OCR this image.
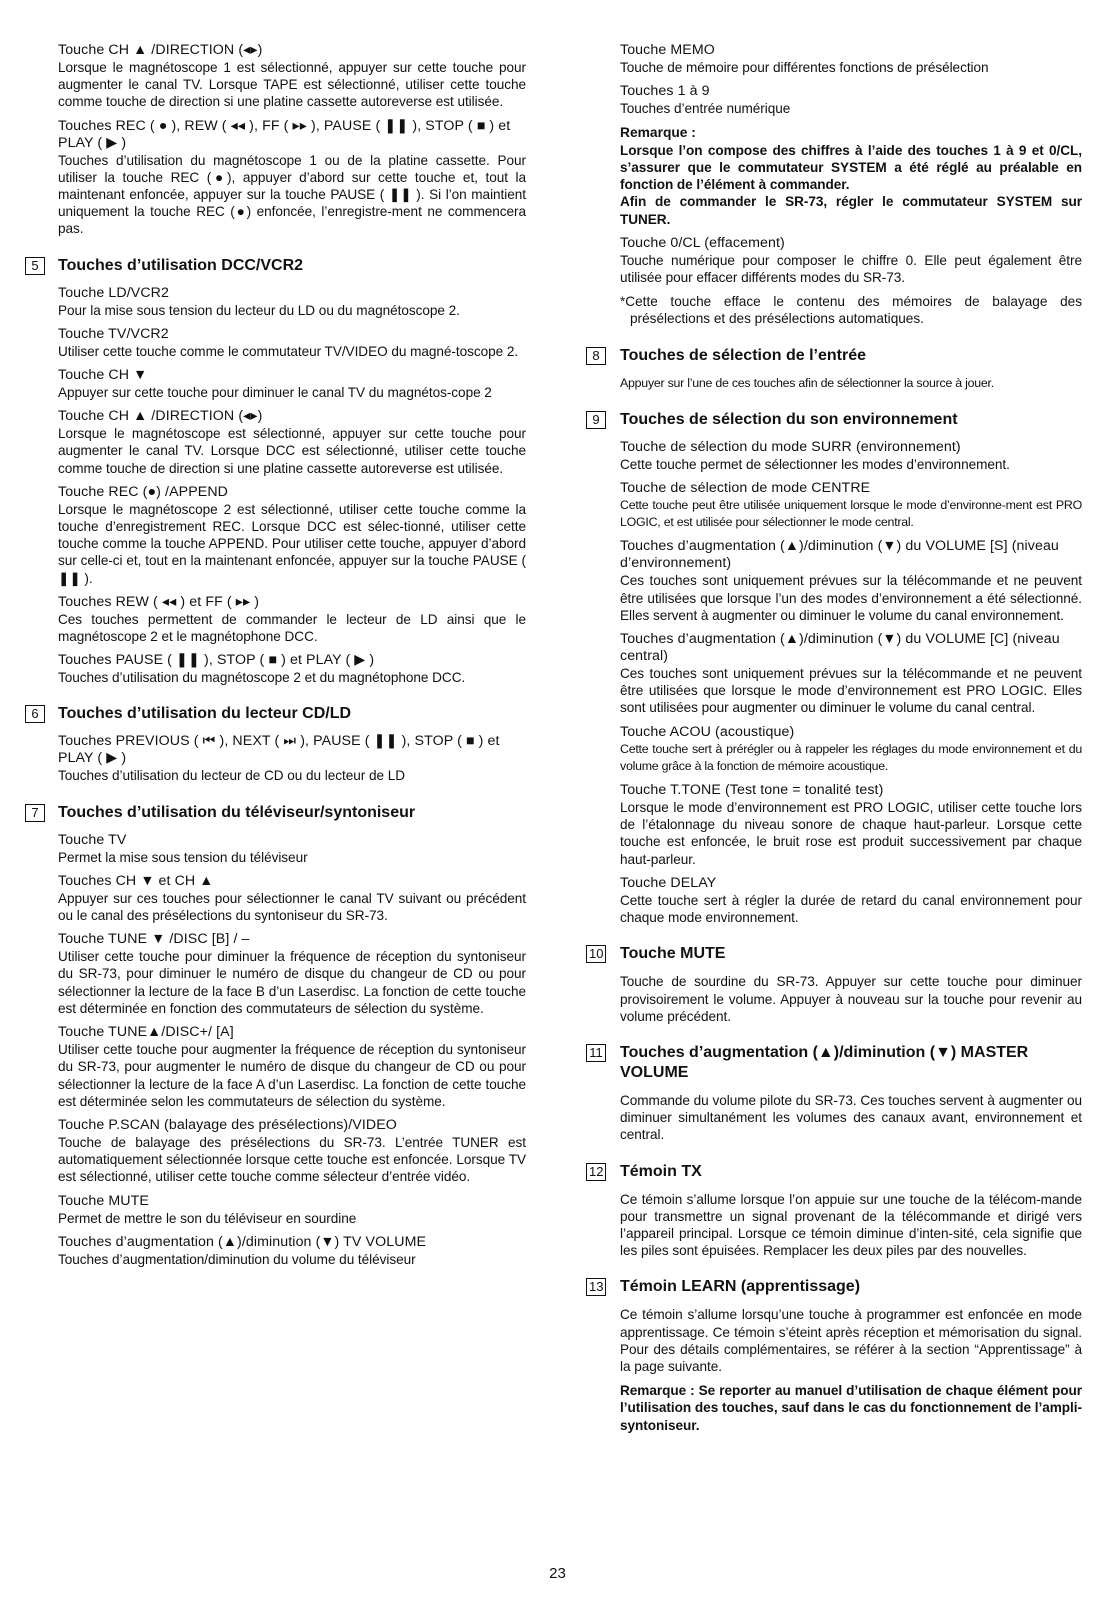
Touche CH ▲ /DIRECTION (◂▸)
Lorsque le magnétoscope 1 est sélectionné, appuyer sur cette touche pour augmenter le canal TV. Lorsque TAPE est sélectionné, utiliser cette touche comme touche de direction si une platine cassette autoreverse est utilisée.
Touches REC ( ● ), REW ( ◂◂ ), FF ( ▸▸ ), PAUSE ( ❚❚ ), STOP ( ■ ) et PLAY ( ▶ )
Touches d’utilisation du magnétoscope 1 ou de la platine cassette. Pour utiliser la touche REC (●), appuyer d’abord sur cette touche et, tout la maintenant enfoncée, appuyer sur la touche PAUSE ( ❚❚ ). Si l’on maintient uniquement la touche REC (●) enfoncée, l’enregistre-ment ne commencera pas.
5	Touches d’utilisation DCC/VCR2
Touche LD/VCR2
Pour la mise sous tension du lecteur du LD ou du magnétoscope 2.
Touche TV/VCR2
Utiliser cette touche comme le commutateur TV/VIDEO du magné-toscope 2.
Touche CH ▼
Appuyer sur cette touche pour diminuer le canal TV du magnétos-cope 2
Touche CH ▲ /DIRECTION (◂▸)
Lorsque le magnétoscope est sélectionné, appuyer sur cette touche pour augmenter le canal TV. Lorsque DCC est sélectionné, utiliser cette touche comme touche de direction si une platine cassette autoreverse est utilisée.
Touche REC (●) /APPEND
Lorsque le magnétoscope 2 est sélectionné, utiliser cette touche comme la touche d’enregistrement REC. Lorsque DCC est sélec-tionné, utiliser cette touche comme la touche APPEND. Pour utiliser cette touche, appuyer d’abord sur celle-ci et, tout en la maintenant enfoncée, appuyer sur la touche PAUSE ( ❚❚ ).
Touches REW ( ◂◂ ) et FF ( ▸▸ )
Ces touches permettent de commander le lecteur de LD ainsi que le magnétoscope 2 et le magnétophone DCC.
Touches PAUSE ( ❚❚ ), STOP ( ■ ) et PLAY ( ▶ )
Touches d’utilisation du magnétoscope 2 et du magnétophone DCC.
6	Touches d’utilisation du lecteur CD/LD
Touches PREVIOUS ( ⏮ ), NEXT ( ⏭ ), PAUSE ( ❚❚ ), STOP ( ■ ) et PLAY ( ▶ )
Touches d’utilisation du lecteur de CD ou du lecteur de LD
7	Touches d’utilisation du téléviseur/syntoniseur
Touche TV
Permet la mise sous tension du téléviseur
Touches CH ▼ et CH ▲
Appuyer sur ces touches pour sélectionner le canal TV suivant ou précédent ou le canal des présélections du syntoniseur du SR-73.
Touche TUNE ▼ /DISC [B] / –
Utiliser cette touche pour diminuer la fréquence de réception du syntoniseur du SR-73, pour diminuer le numéro de disque du changeur de CD ou pour sélectionner la lecture de la face B d’un Laserdisc. La fonction de cette touche est déterminée en fonction des commutateurs de sélection du système.
Touche TUNE▲/DISC+/ [A]
Utiliser cette touche pour augmenter la fréquence de réception du syntoniseur du SR-73, pour augmenter le numéro de disque du changeur de CD ou pour sélectionner la lecture de la face A d’un Laserdisc. La fonction de cette touche est déterminée selon les commutateurs de sélection du système.
Touche P.SCAN (balayage des présélections)/VIDEO
Touche de balayage des présélections du SR-73. L’entrée TUNER est automatiquement sélectionnée lorsque cette touche est enfoncée. Lorsque TV est sélectionné, utiliser cette touche comme sélecteur d’entrée vidéo.
Touche MUTE
Permet de mettre le son du téléviseur en sourdine
Touches d’augmentation (▲)/diminution (▼) TV VOLUME
Touches d’augmentation/diminution du volume du téléviseur
Touche MEMO
Touche de mémoire pour différentes fonctions de présélection
Touches 1 à 9
Touches d’entrée numérique
Remarque :
Lorsque l’on compose des chiffres à l’aide des touches 1 à 9 et 0/CL, s’assurer que le commutateur SYSTEM a été réglé au préalable en fonction de l’élément à commander.
Afin de commander le SR-73, régler le commutateur SYSTEM sur TUNER.
Touche 0/CL (effacement)
Touche numérique pour composer le chiffre 0. Elle peut également être utilisée pour effacer différents modes du SR-73.
*Cette touche efface le contenu des mémoires de balayage des présélections et des présélections automatiques.
8	Touches de sélection de l’entrée
Appuyer sur l’une de ces touches afin de sélectionner la source à jouer.
9	Touches de sélection du son environnement
Touche de sélection du mode SURR (environnement)
Cette touche permet de sélectionner les modes d’environnement.
Touche de sélection de mode CENTRE
Cette touche peut être utilisée uniquement lorsque le mode d’environne-ment est PRO LOGIC, et est utilisée pour sélectionner le mode central.
Touches d’augmentation (▲)/diminution (▼) du VOLUME [S] (niveau d’environnement)
Ces touches sont uniquement prévues sur la télécommande et ne peuvent être utilisées que lorsque l’un des modes d’environnement a été sélectionné. Elles servent à augmenter ou diminuer le volume du canal environnement.
Touches d’augmentation (▲)/diminution (▼) du VOLUME [C] (niveau central)
Ces touches sont uniquement prévues sur la télécommande et ne peuvent être utilisées que lorsque le mode d’environnement est PRO LOGIC. Elles sont utilisées pour augmenter ou diminuer le volume du canal central.
Touche ACOU (acoustique)
Cette touche sert à prérégler ou à rappeler les réglages du mode environnement et du volume grâce à la fonction de mémoire acoustique.
Touche T.TONE (Test tone = tonalité test)
Lorsque le mode d’environnement est PRO LOGIC, utiliser cette touche lors de l’étalonnage du niveau sonore de chaque haut-parleur. Lorsque cette touche est enfoncée, le bruit rose est produit successivement par chaque haut-parleur.
Touche DELAY
Cette touche sert à régler la durée de retard du canal environnement pour chaque mode environnement.
10 Touche MUTE
Touche de sourdine du SR-73. Appuyer sur cette touche pour diminuer provisoirement le volume. Appuyer à nouveau sur la touche pour revenir au volume précédent.
11 Touches d’augmentation (▲)/diminution (▼) MASTER VOLUME
Commande du volume pilote du SR-73. Ces touches servent à augmenter ou diminuer simultanément les volumes des canaux avant, environnement et central.
12 Témoin TX
Ce témoin s’allume lorsque l’on appuie sur une touche de la télécom-mande pour transmettre un signal provenant de la télécommande et dirigé vers l’appareil principal. Lorsque ce témoin diminue d’inten-sité, cela signifie que les piles sont épuisées. Remplacer les deux piles par des nouvelles.
13 Témoin LEARN (apprentissage)
Ce témoin s’allume lorsqu’une touche à programmer est enfoncée en mode apprentissage. Ce témoin s’éteint après réception et mémorisation du signal. Pour des détails complémentaires, se référer à la section “Apprentissage” à la page suivante.
Remarque : Se reporter au manuel d’utilisation de chaque élément pour l’utilisation des touches, sauf dans le cas du fonctionnement de l’ampli-syntoniseur.
23
